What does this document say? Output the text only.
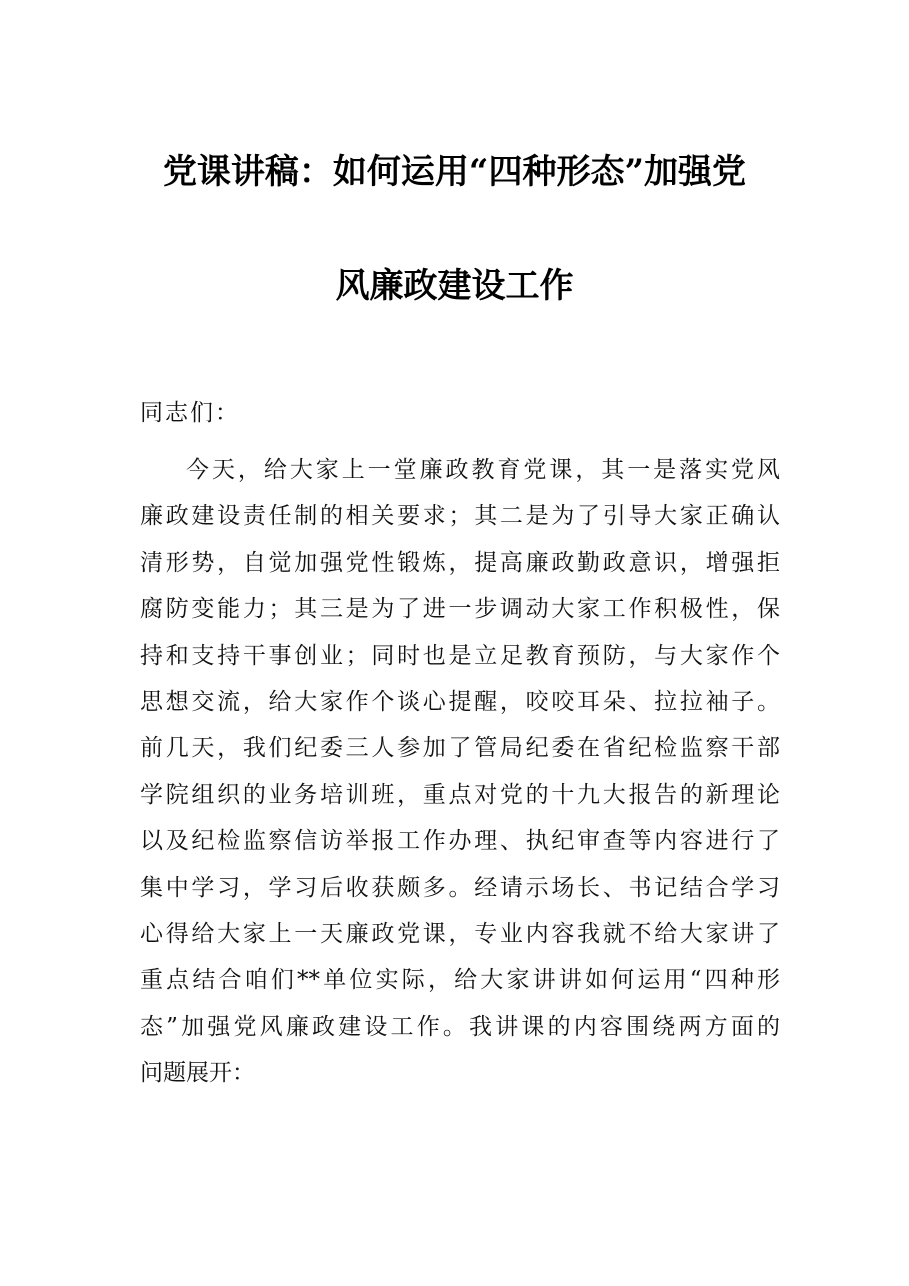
党课讲稿：如何运用“四种形态”加强党
风廉政建设工作
同志们：
今天，给大家上一堂廉政教育党课，其一是落实党风
廉政建设责任制的相关要求；其二是为了引导大家正确认
清形势，自觉加强党性锻炼，提高廉政勤政意识，增强拒
腐防变能力；其三是为了进一步调动大家工作积极性，保
持和支持干事创业；同时也是立足教育预防，与大家作个
思想交流，给大家作个谈心提醒，咬咬耳朵、拉拉袖子。
前几天，我们纪委三人参加了管局纪委在省纪检监察干部
学院组织的业务培训班，重点对党的十九大报告的新理论
以及纪检监察信访举报工作办理、执纪审查等内容进行了
集中学习，学习后收获颇多。经请示场长、书记结合学习
心得给大家上一天廉政党课，专业内容我就不给大家讲了
重点结合咱们**单位实际，给大家讲讲如何运用“四种形
态”加强党风廉政建设工作。我讲课的内容围绕两方面的
问题展开：
